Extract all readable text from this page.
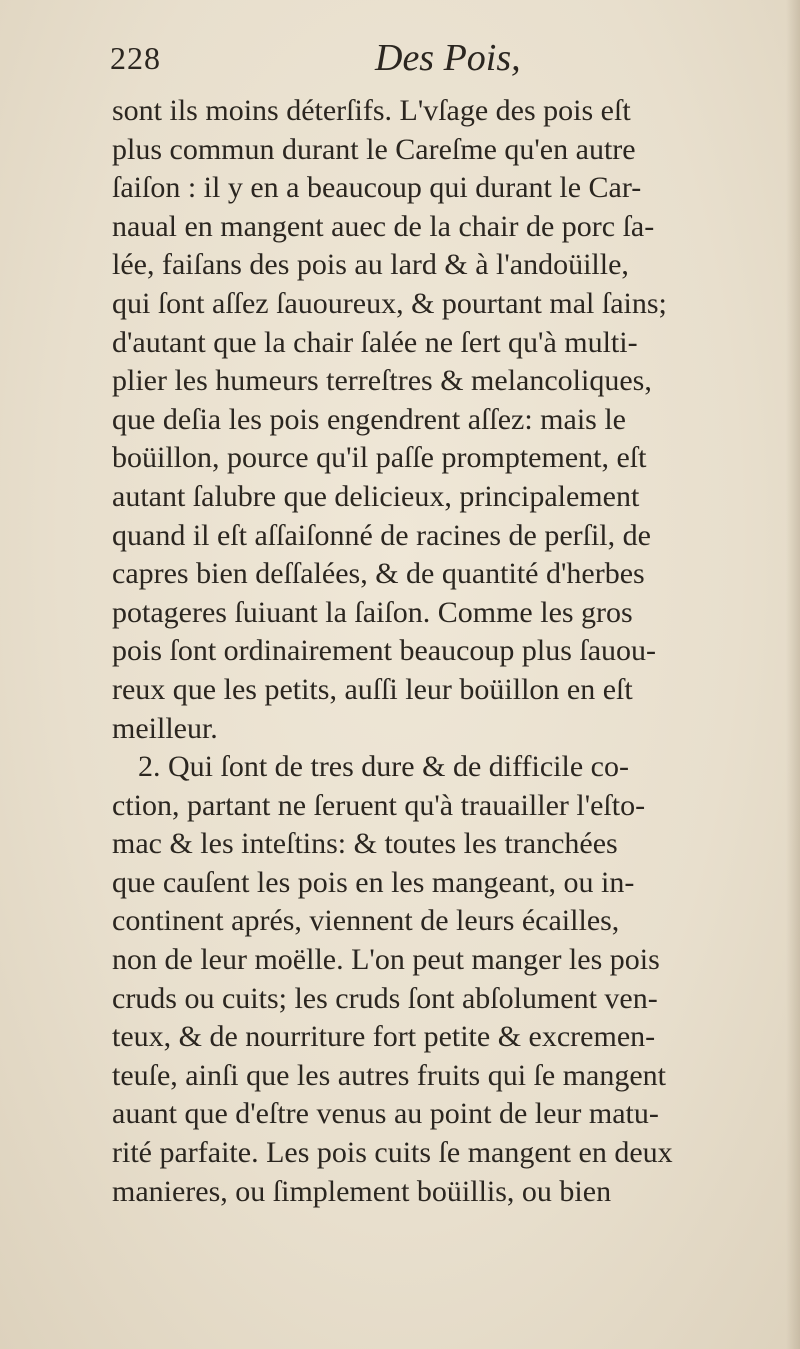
228	Des Pois,
sont ils moins déterſifs. L'vſage des pois eſt
plus commun durant le Careſme qu'en autre
ſaiſon : il y en a beaucoup qui durant le Car-
naual en mangent auec de la chair de porc ſa-
lée, faiſans des pois au lard & à l'andoüille,
qui ſont aſſez ſauoureux, & pourtant mal ſains;
d'autant que la chair ſalée ne ſert qu'à multi-
plier les humeurs terreſtres & melancoliques,
que deſia les pois engendrent aſſez: mais le
boüillon, pource qu'il paſſe promptement, eſt
autant ſalubre que delicieux, principalement
quand il eſt aſſaiſonné de racines de perſil, de
capres bien deſſalées, & de quantité d'herbes
potageres ſuiuant la ſaiſon. Comme les gros
pois ſont ordinairement beaucoup plus ſauou-
reux que les petits, auſſi leur boüillon en eſt
meilleur.
2. Qui ſont de tres dure & de difficile co-
ction, partant ne ſeruent qu'à trauailler l'eſto-
mac & les inteſtins: & toutes les tranchées
que cauſent les pois en les mangeant, ou in-
continent aprés, viennent de leurs écailles,
non de leur moëlle. L'on peut manger les pois
cruds ou cuits; les cruds ſont abſolument ven-
teux, & de nourriture fort petite & excremen-
teuſe, ainſi que les autres fruits qui ſe mangent
auant que d'eſtre venus au point de leur matu-
rité parfaite. Les pois cuits ſe mangent en deux
manieres, ou ſimplement boüillis, ou bien
